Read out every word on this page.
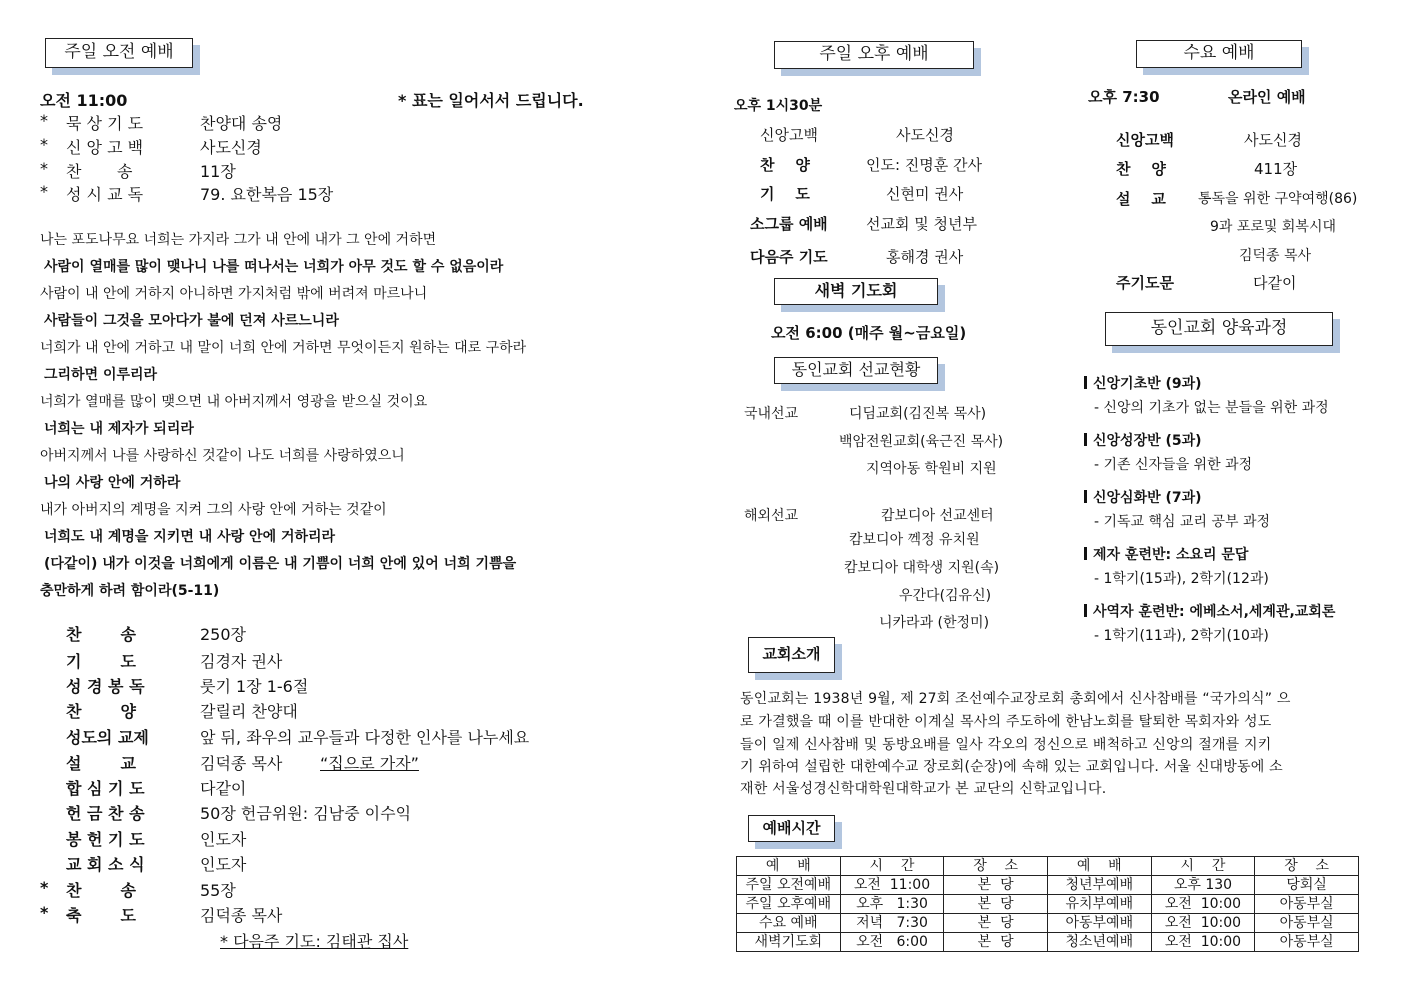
주일 오전 예배
오전 11:00	* 표는 일어서서 드립니다.
* 묵 상 기 도	찬양대 송영
* 신 앙 고 백	사도신경
* 찬       송	11장
* 성 시 교 독	79. 요한복음 15장
나는 포도나무요 너희는 가지라 그가 내 안에 내가 그 안에 거하면
사람이 열매를 많이 맺나니 나를 떠나서는 너희가 아무 것도 할 수 없음이라
사람이 내 안에 거하지 아니하면 가지처럼 밖에 버려져 마르나니
사람들이 그것을 모아다가 불에 던져 사르느니라
너희가 내 안에 거하고 내 말이 너희 안에 거하면 무엇이든지 원하는 대로 구하라
그리하면 이루리라
너희가 열매를 많이 맺으면 내 아버지께서 영광을 받으실 것이요
너희는 내 제자가 되리라
아버지께서 나를 사랑하신 것같이 나도 너희를 사랑하였으니
나의 사랑 안에 거하라
내가 아버지의 계명을 지켜 그의 사랑 안에 거하는 것같이
너희도 내 계명을 지키면 내 사랑 안에 거하리라
(다같이) 내가 이것을 너희에게 이름은 내 기쁨이 너희 안에 있어 너희 기쁨을
충만하게 하려 함이라(5-11)
찬       송	250장
기       도	김경자 권사
성 경 봉 독	룻기 1장 1-6절
찬       양	갈릴리 찬양대
성도의 교제	앞 뒤, 좌우의 교우들과 다정한 인사를 나누세요
설       교	김덕종 목사 “집으로 가자”
합 심 기 도	다같이
헌 금 찬 송	50장 헌금위원: 김남중 이수익
봉 헌 기 도	인도자
교 회 소 식	인도자
* 찬       송	55장
* 축       도	김덕종 목사
* 다음주 기도: 김태관 집사
주일 오후 예배
오후 1시30분
신앙고백	사도신경
찬    양	인도: 진명훈 간사
기    도	신현미 권사
소그룹 예배	선교회 및 청년부
다음주 기도	홍해경 권사
새벽 기도회
오전 6:00 (매주 월~금요일)
동인교회 선교현황
국내선교	디딤교회(김진복 목사)
백암전원교회(육근진 목사)
지역아동 학원비 지원
해외선교	캄보디아 선교센터
캄보디아 껙정 유치원
캄보디아 대학생 지원(속)
우간다(김유신)
니카라과 (한정미)
수요 예배
오후 7:30	온라인 예배
신앙고백	사도신경
찬    양	411장
설    교 통독을 위한 구약여행(86)
9과 포로및 회복시대
김덕종 목사
주기도문	다같이
동인교회 양육과정
신앙기초반 (9과)
- 신앙의 기초가 없는 분들을 위한 과정
신앙성장반 (5과)
- 기존 신자들을 위한 과정
신앙심화반 (7과)
- 기독교 핵심 교리 공부 과정
제자 훈련반: 소요리 문답
- 1학기(15과), 2학기(12과)
사역자 훈련반: 에베소서,세계관,교회론
- 1학기(11과), 2학기(10과)
교회소개
동인교회는 1938년 9월, 제 27회 조선예수교장로회 총회에서 신사참배를 “국가의식” 으
로 가결했을 때 이를 반대한 이계실 목사의 주도하에 한남노회를 탈퇴한 목회자와 성도
들이 일제 신사참배 및 동방요배를 일사 각오의 정신으로 배척하고 신앙의 절개를 지키
기 위하여 설립한 대한예수교 장로회(순장)에 속해 있는 교회입니다. 서울 신대방동에 소
재한 서울성경신학대학원대학교가 본 교단의 신학교입니다.
예배시간
예    배	시    간	장    소	예    배	시    간	장    소
주일 오전예배	오전  11:00	본  당	청년부예배	오후 130	당회실
주일 오후예배	오후   1:30	본  당	유치부예배	오전  10:00	아동부실
수요 예배	저녁   7:30	본  당	아동부예배	오전  10:00	아동부실
새벽기도회	오전   6:00	본  당	청소년예배	오전  10:00	아동부실
